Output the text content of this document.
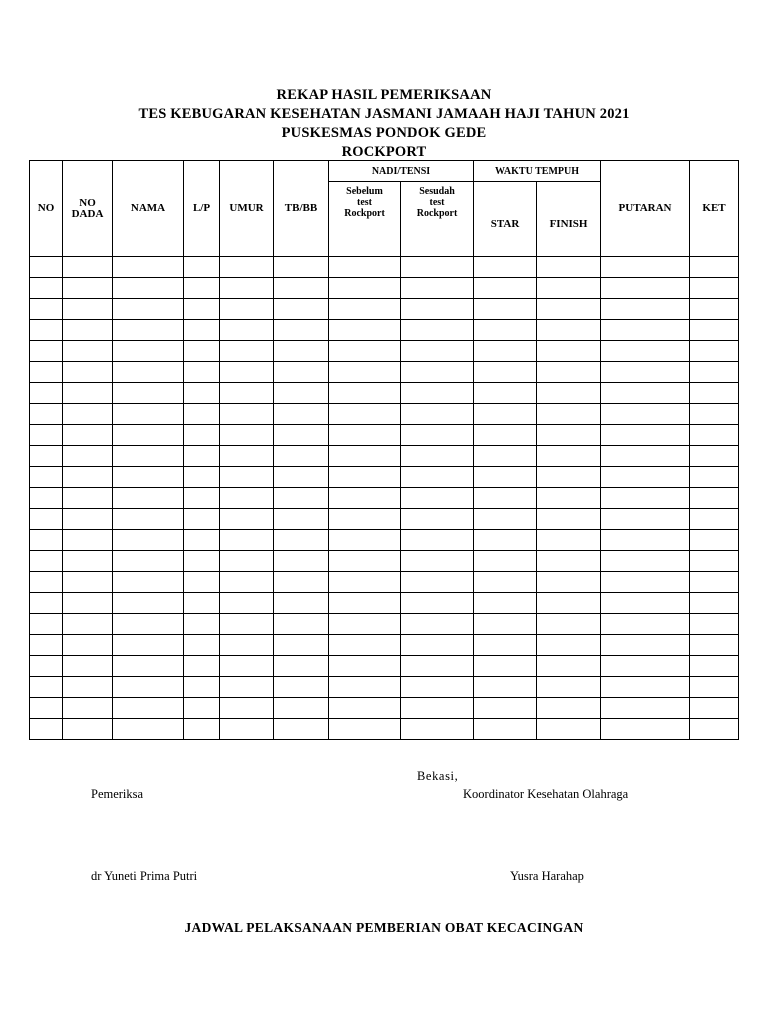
REKAP HASIL PEMERIKSAAN
TES KEBUGARAN KESEHATAN JASMANI JAMAAH HAJI TAHUN 2021
PUSKESMAS PONDOK GEDE
ROCKPORT
NO	NO DADA	NAMA	L/P	UMUR	TB/BB	NADI/TENSI		WAKTU TEMPUH		PUTARAN	KET
						Sebelum test Rockport	Sesudah test Rockport	STAR	FINISH		

Bekasi,
Pemeriksa	Koordinator Kesehatan Olahraga
dr Yuneti Prima Putri	Yusra Harahap
JADWAL PELAKSANAAN PEMBERIAN OBAT KECACINGAN
